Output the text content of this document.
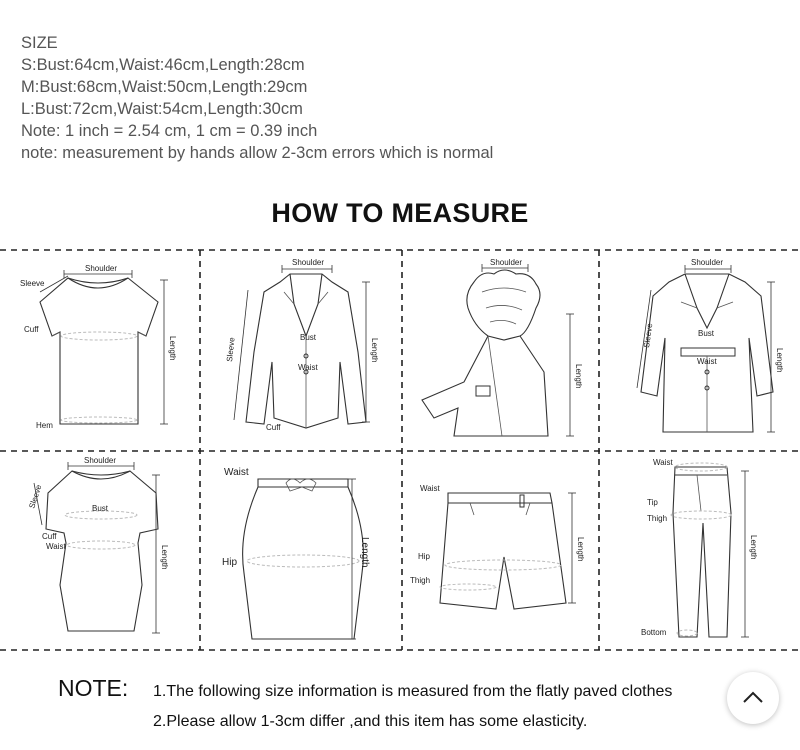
SIZE
S:Bust:64cm,Waist:46cm,Length:28cm
M:Bust:68cm,Waist:50cm,Length:29cm
L:Bust:72cm,Waist:54cm,Length:30cm
Note: 1 inch = 2.54 cm, 1 cm = 0.39 inch
note: measurement by hands allow 2-3cm errors which is normal
HOW TO MEASURE
Shoulder
Sleeve
Cuff
Hem
Length
Shoulder
Sleeve	Bust
Waist
Cuff
Length
Shoulder
Length
Shoulder
Sleeve	Bust
Waist	Length
Shoulder
Sleeve
Cuff
Bust
Waist	Length
Waist
Hip	Length
Waist
Hip
Thigh
Length
Waist
Tip
Thigh
Bottom
Length
NOTE: 1.The following size information is measured from the flatly paved clothes
2.Please allow 1-3cm differ ,and this item has some elasticity.
